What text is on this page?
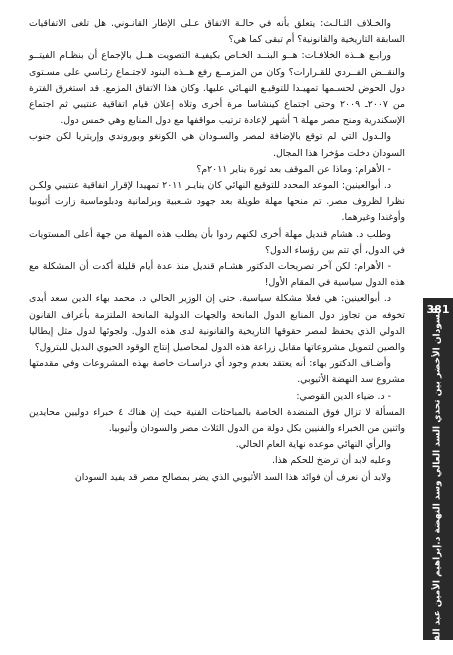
والخـلاف الثـالـث: يتعلق بأنه في حالـة الاتفاق عـلى الإطار القانـوني. هل تلغى الاتفاقيات السابقة التاريخية والقانونية؟ أم تبقى كما هي؟

ورابـع هــذه الخلافـات: هــو البنــد الخـاص بكيفيـة التصويت هــل بالإجماع أن بنظـام الفيتــو والنقــض الفــردي للقـرارات؟ وكان من المزمــع رفع هــذه البنود لاجتـماع رئـاسي على مسـتوى دول الحوض لحسـمها تمهيـدا للتوقيـع النهـائي عليها. وكان هذا الاتفاق المزمع. قد استغرق الفترة من ٢٠٠٧ـ ٢٠٠٩ وحتى اجتماع كينشاسا مرة أخرى وتلاه إعلان قيام اتفاقية عنتيبي ثم اجتماع الإسكندرية ومنح مصر مهلة ٦ أشهر لإعادة ترتيب مواقفها مع دول المنابع وهي خمس دول.

والـدول التي لم توقع بالإضافة لمصر والسـودان هي الكونغو وبوروندي وإريتريا لكن جنوب السودان دخلت مؤخرا هذا المجال.

- الأهرام: وماذا عن الموقف بعد ثورة يناير ٢٠١١م؟

د. أبوالعينين: الموعد المحدد للتوقيع النهائي كان ينايـر ٢٠١١ تمهيدا لإقرار اتفاقية عنتيبي ولكـن نظرا لظروف مصر. تم منحها مهلة طويلة بعد جهود شـعبية وبرلمانية ودبلوماسية زارت أثيوبيا وأوغندا وغيرهما.

وطلب د. هشام قنديل مهلة أخرى لكنهم ردوا بأن يطلب هذه المهلة من جهة أعلى المستويات في الدول، أي تتم بين رؤساء الدول؟

- الأهرام: لكن آخر تصريحات الدكتور هشـام قنديل منذ عدة أيام قليلة أكدت أن المشكلة مع هذه الدول سياسية في المقام الأول!

د. أبوالعينين: هي فعلا مشكلة سياسية. حتى إن الوزير الحالي د. محمد بهاء الدين سعد أبدى تخوفه من تجاوز دول المنابع الدول المانحة والجهات الدولية المانحة الملتزمة بأعراف القانون الدولي الذي يحفظ لمصر حقوقها التاريخية والقانونية لدى هذه الدول. ولجوئها لدول مثل إيطاليا والصين لتمويل مشروعاتها مقابل زراعة هذه الدول لمحاصيل إنتاج الوقود الحيوي البديل للبترول؟

وأضـاف الدكتور بهاء: أنه يعتقد بعدم وجود أي دراسـات خاصة بهذه المشروعات وفي مقدمتها مشروع سد النهضة الأثيوبي.

- د. ضياء الدين القوصي:

المسألة لا تزال فوق المنضدة الخاصة بالمباحثات الفنية حيث إن هناك ٤ خبراء دوليين محايدين واثنين من الخبراء والفنيين بكل دولة من الدول الثلاث مصر والسودان وأثيوبيا.

والرأي النهائي موعده نهاية العام الحالي.

وعليه لابد أن ترضخ للحكم هذا.

ولابد أن نعرف أن فوائد هذا السد الأثيوبي الذي يضر بمصالح مصر قد يفيد السودان

381
السودان الأخضر بين تحدي السد العالي وسد النهضة د.إبراهيم الأمين عبد القادر
